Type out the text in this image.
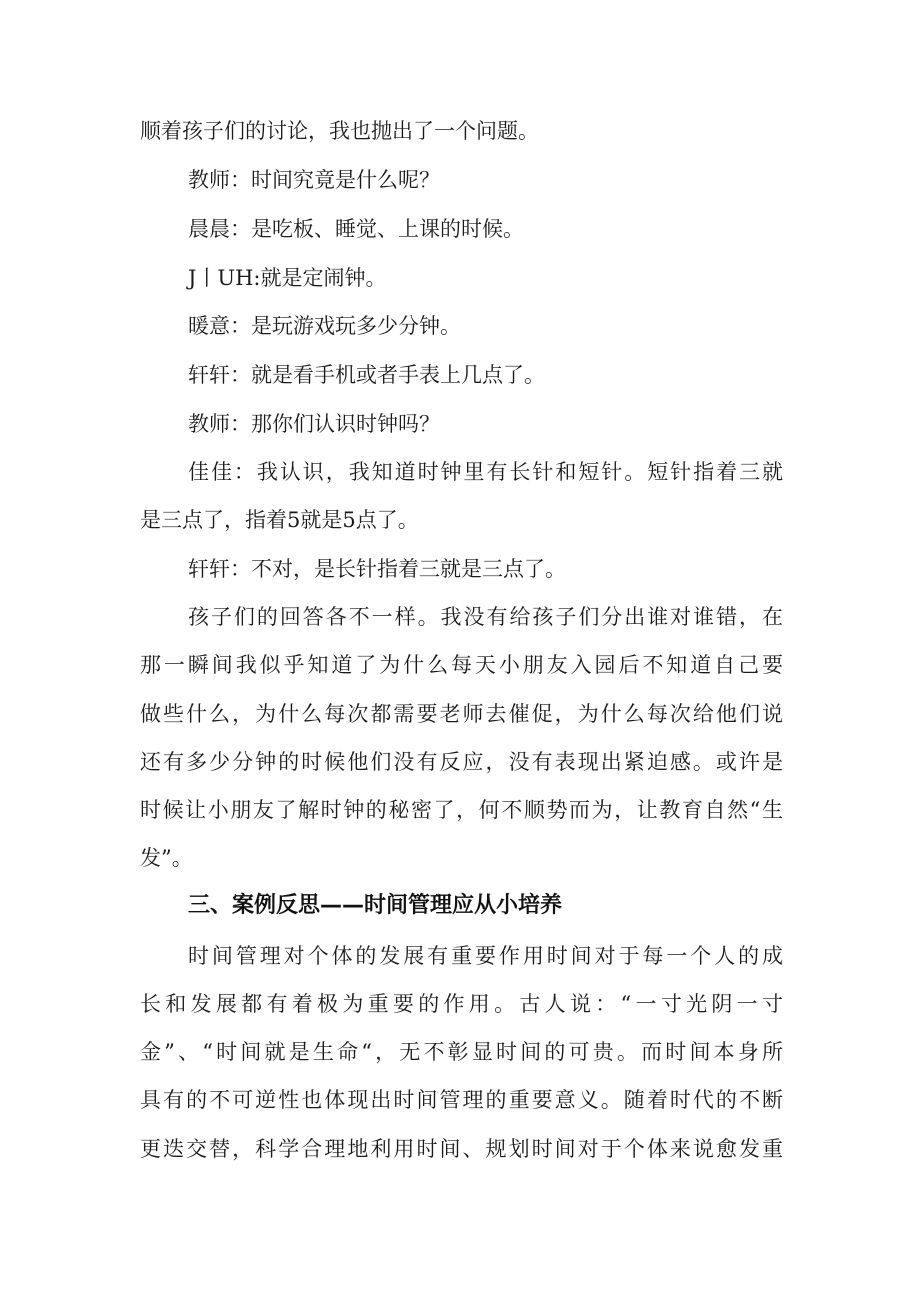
顺着孩子们的讨论，我也抛出了一个问题。
教师：时间究竟是什么呢？
晨晨：是吃板、睡觉、上课的时候。
J丨UH:就是定闹钟。
暖意：是玩游戏玩多少分钟。
轩轩：就是看手机或者手表上几点了。
教师：那你们认识时钟吗？
佳佳：我认识，我知道时钟里有长针和短针。短针指着三就
是三点了，指着5就是5点了。
轩轩：不对，是长针指着三就是三点了。
孩子们的回答各不一样。我没有给孩子们分出谁对谁错，在
那一瞬间我似乎知道了为什么每天小朋友入园后不知道自己要
做些什么，为什么每次都需要老师去催促，为什么每次给他们说
还有多少分钟的时候他们没有反应，没有表现出紧迫感。或许是
时候让小朋友了解时钟的秘密了，何不顺势而为，让教育自然“生
发”。
三、案例反思——时间管理应从小培养
时间管理对个体的发展有重要作用时间对于每一个人的成
长和发展都有着极为重要的作用。古人说：“一寸光阴一寸
金”、“时间就是生命“，无不彰显时间的可贵。而时间本身所
具有的不可逆性也体现出时间管理的重要意义。随着时代的不断
更迭交替，科学合理地利用时间、规划时间对于个体来说愈发重
